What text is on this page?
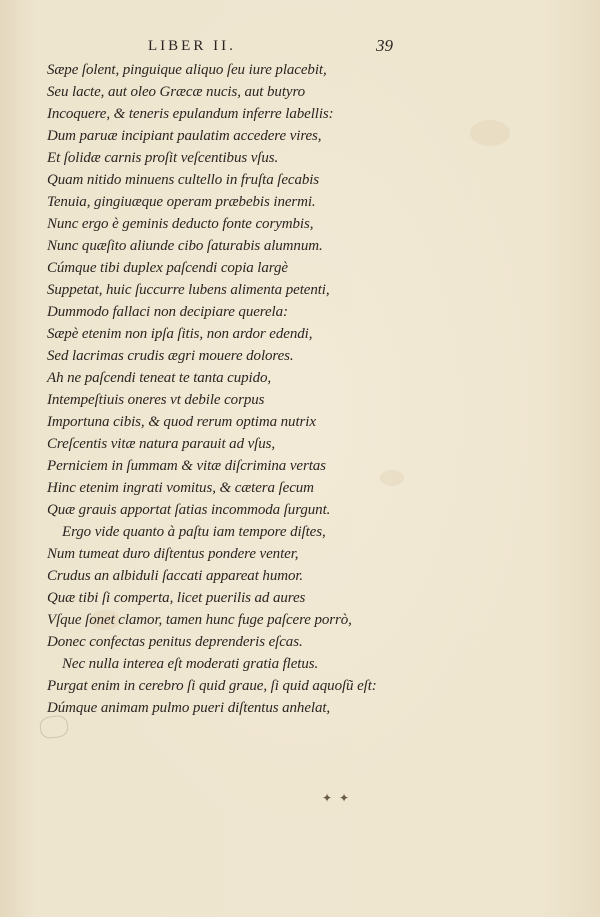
LIBER II.	39
Sæpe ſolent, pinguique aliquo ſeu iure placebit,
Seu lacte, aut oleo Græcæ nucis, aut butyro
Incoquere, & teneris epulandum inferre labellis:
Dum paruæ incipiant paulatim accedere vires,
Et ſolidæ carnis proſit veſcentibus vſus.
Quam nitido minuens cultello in fruſta ſecabis
Tenuia, gingiuæque operam præbebis inermi.
Nunc ergo è geminis deducto fonte corymbis,
Nunc quæſito aliunde cibo ſaturabis alumnum.
Cúmque tibi duplex paſcendi copia largè
Suppetat, huic ſuccurre lubens alimenta petenti,
Dummodo fallaci non decipiare querela:
Sæpè etenim non ipſa ſitis, non ardor edendi,
Sed lacrimas crudis ægri mouere dolores.
Ah ne paſcendi teneat te tanta cupido,
Intempeſtiuis oneres vt debile corpus
Importuna cibis, & quod rerum optima nutrix
Creſcentis vitæ natura parauit ad vſus,
Perniciem in ſummam & vitæ diſcrimina vertas
Hinc etenim ingrati vomitus, & cætera ſecum
Quæ grauis apportat ſatias incommoda ſurgunt.
Ergo vide quanto à paſtu iam tempore diſtes,
Num tumeat duro diſtentus pondere venter,
Crudus an albiduli ſaccati appareat humor.
Quæ tibi ſi comperta, licet puerilis ad aures
Vſque ſonet clamor, tamen hunc fuge paſcere porrò,
Donec confectas penitus deprenderis eſcas.
Nec nulla interea eſt moderati gratia fletus.
Purgat enim in cerebro ſi quid graue, ſi quid aquoſũ eſt:
Dúmque animam pulmo pueri diſtentus anhelat,
✦ ✦
